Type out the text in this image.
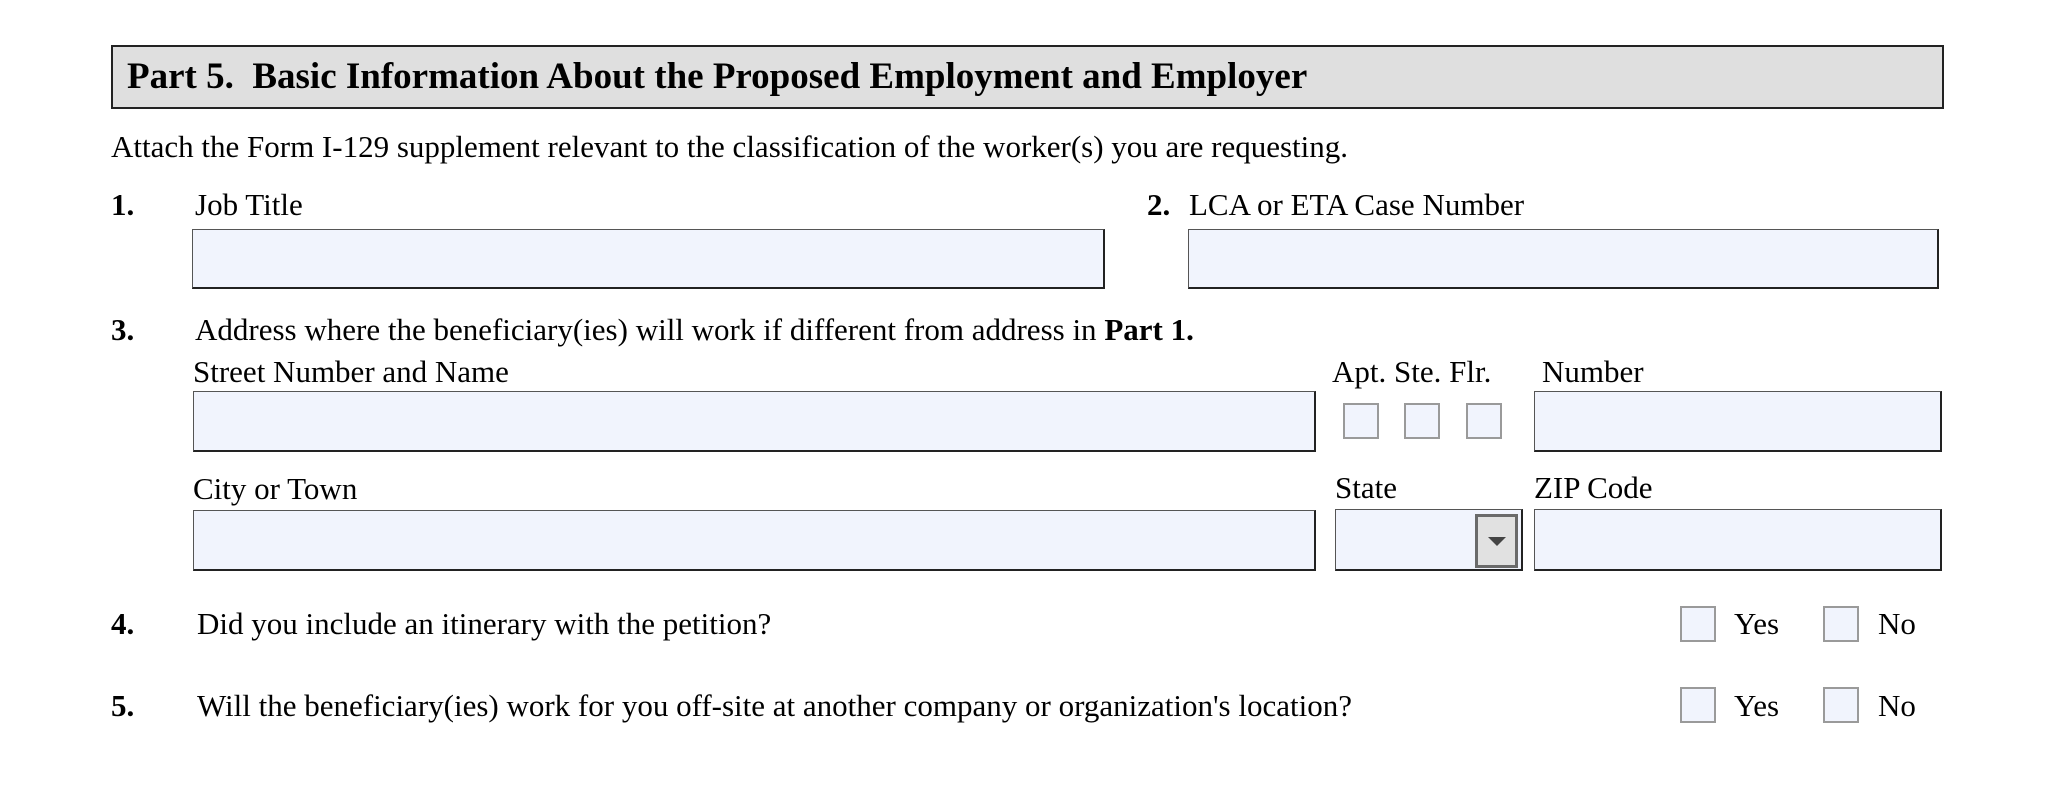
Part 5.  Basic Information About the Proposed Employment and Employer
Attach the Form I-129 supplement relevant to the classification of the worker(s) you are requesting.
1. Job Title	2. LCA or ETA Case Number
3. Address where the beneficiary(ies) will work if different from address in Part 1.
Street Number and Name	Apt. Ste. Flr. Number
City or Town	State	ZIP Code
4. Did you include an itinerary with the petition?	Yes	No
5. Will the beneficiary(ies) work for you off-site at another company or organization's location?	Yes	No
